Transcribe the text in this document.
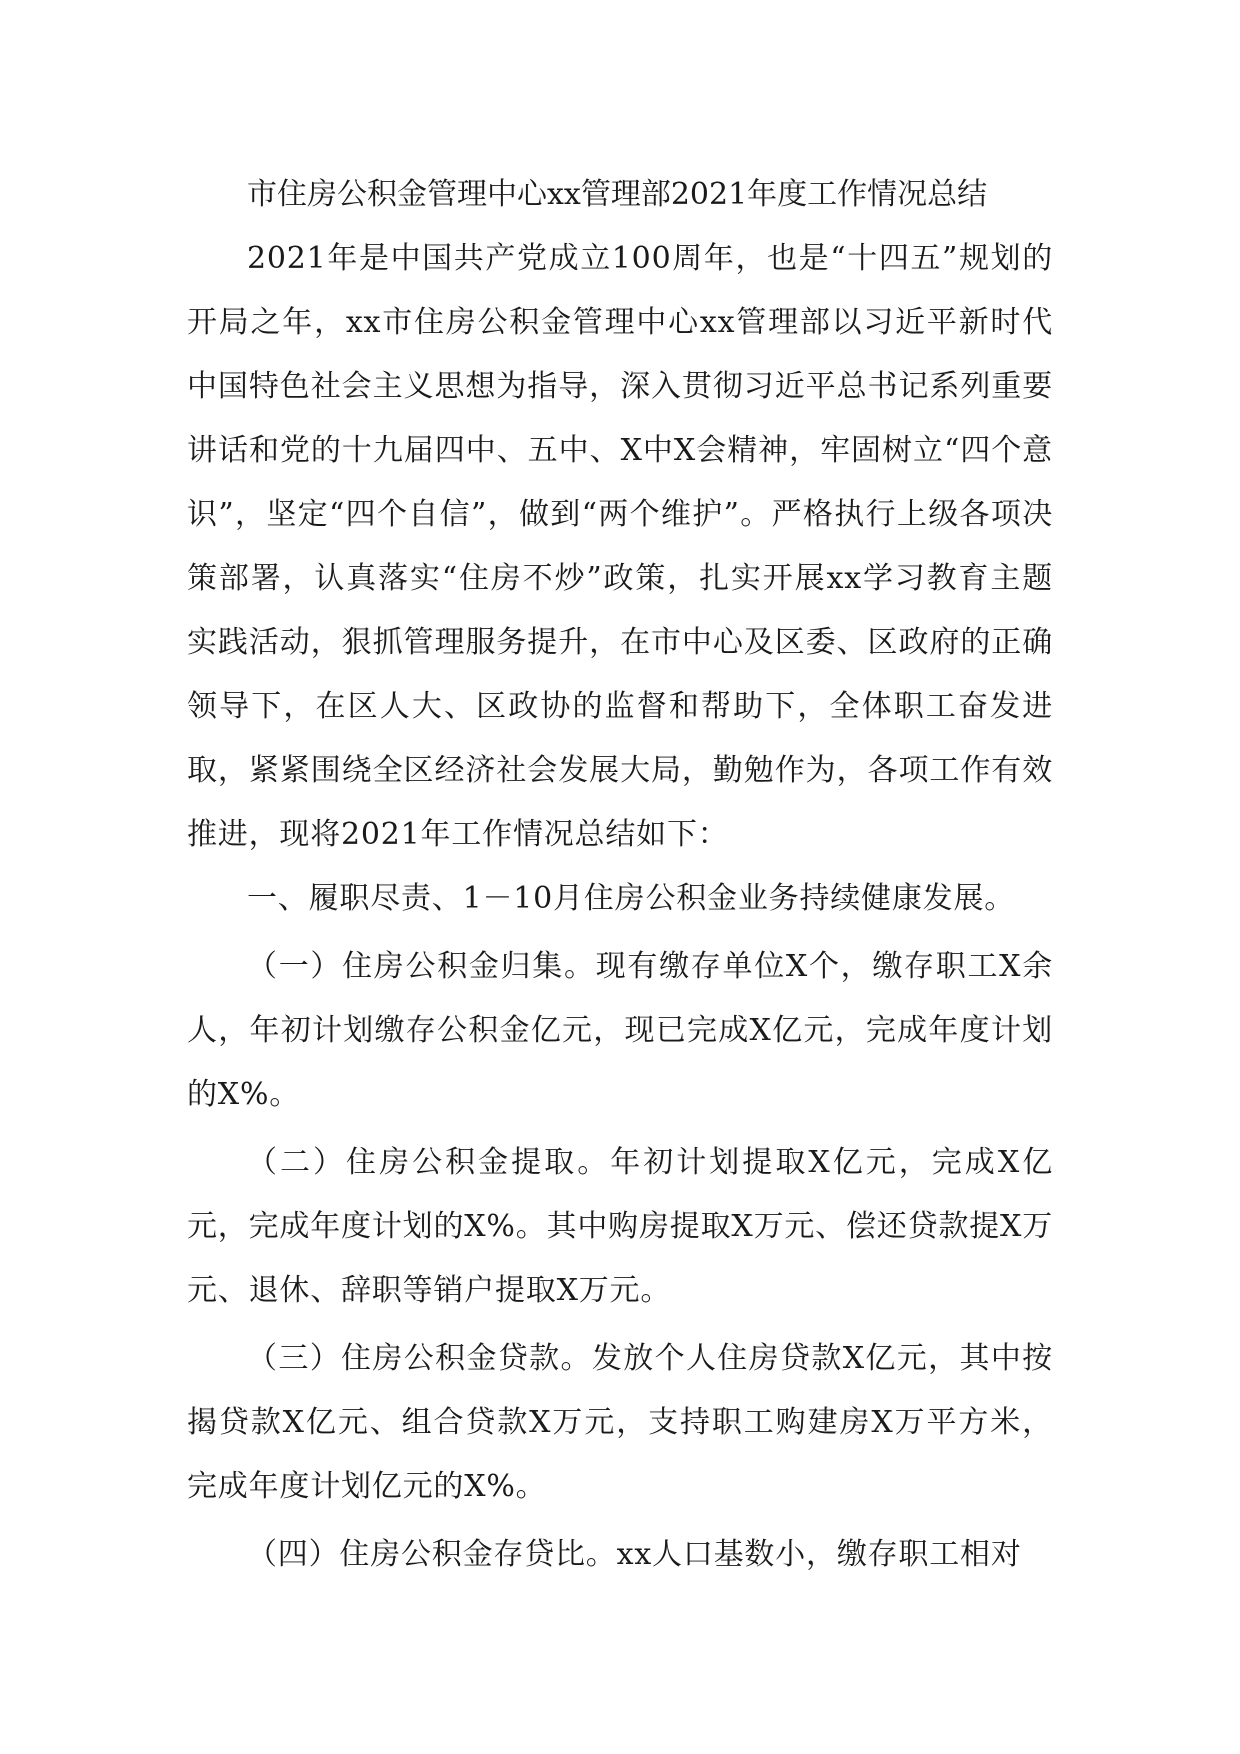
市住房公积金管理中心xx管理部2021年度工作情况总结

2021年是中国共产党成立100周年，也是“十四五”规划的开局之年，xx市住房公积金管理中心xx管理部以习近平新时代中国特色社会主义思想为指导，深入贯彻习近平总书记系列重要讲话和党的十九届四中、五中、X中X会精神，牢固树立“四个意识”，坚定“四个自信”，做到“两个维护”。严格执行上级各项决策部署，认真落实“住房不炒”政策，扎实开展xx学习教育主题实践活动，狠抓管理服务提升，在市中心及区委、区政府的正确领导下，在区人大、区政协的监督和帮助下，全体职工奋发进取，紧紧围绕全区经济社会发展大局，勤勉作为，各项工作有效推进，现将2021年工作情况总结如下：

一、履职尽责、1－10月住房公积金业务持续健康发展。

（一）住房公积金归集。现有缴存单位X个，缴存职工X余人，年初计划缴存公积金亿元，现已完成X亿元，完成年度计划的X%。

（二）住房公积金提取。年初计划提取X亿元，完成X亿元，完成年度计划的X%。其中购房提取X万元、偿还贷款提X万元、退休、辞职等销户提取X万元。

（三）住房公积金贷款。发放个人住房贷款X亿元，其中按揭贷款X亿元、组合贷款X万元，支持职工购建房X万平方米，完成年度计划亿元的X%。

（四）住房公积金存贷比。xx人口基数小，缴存职工相对
